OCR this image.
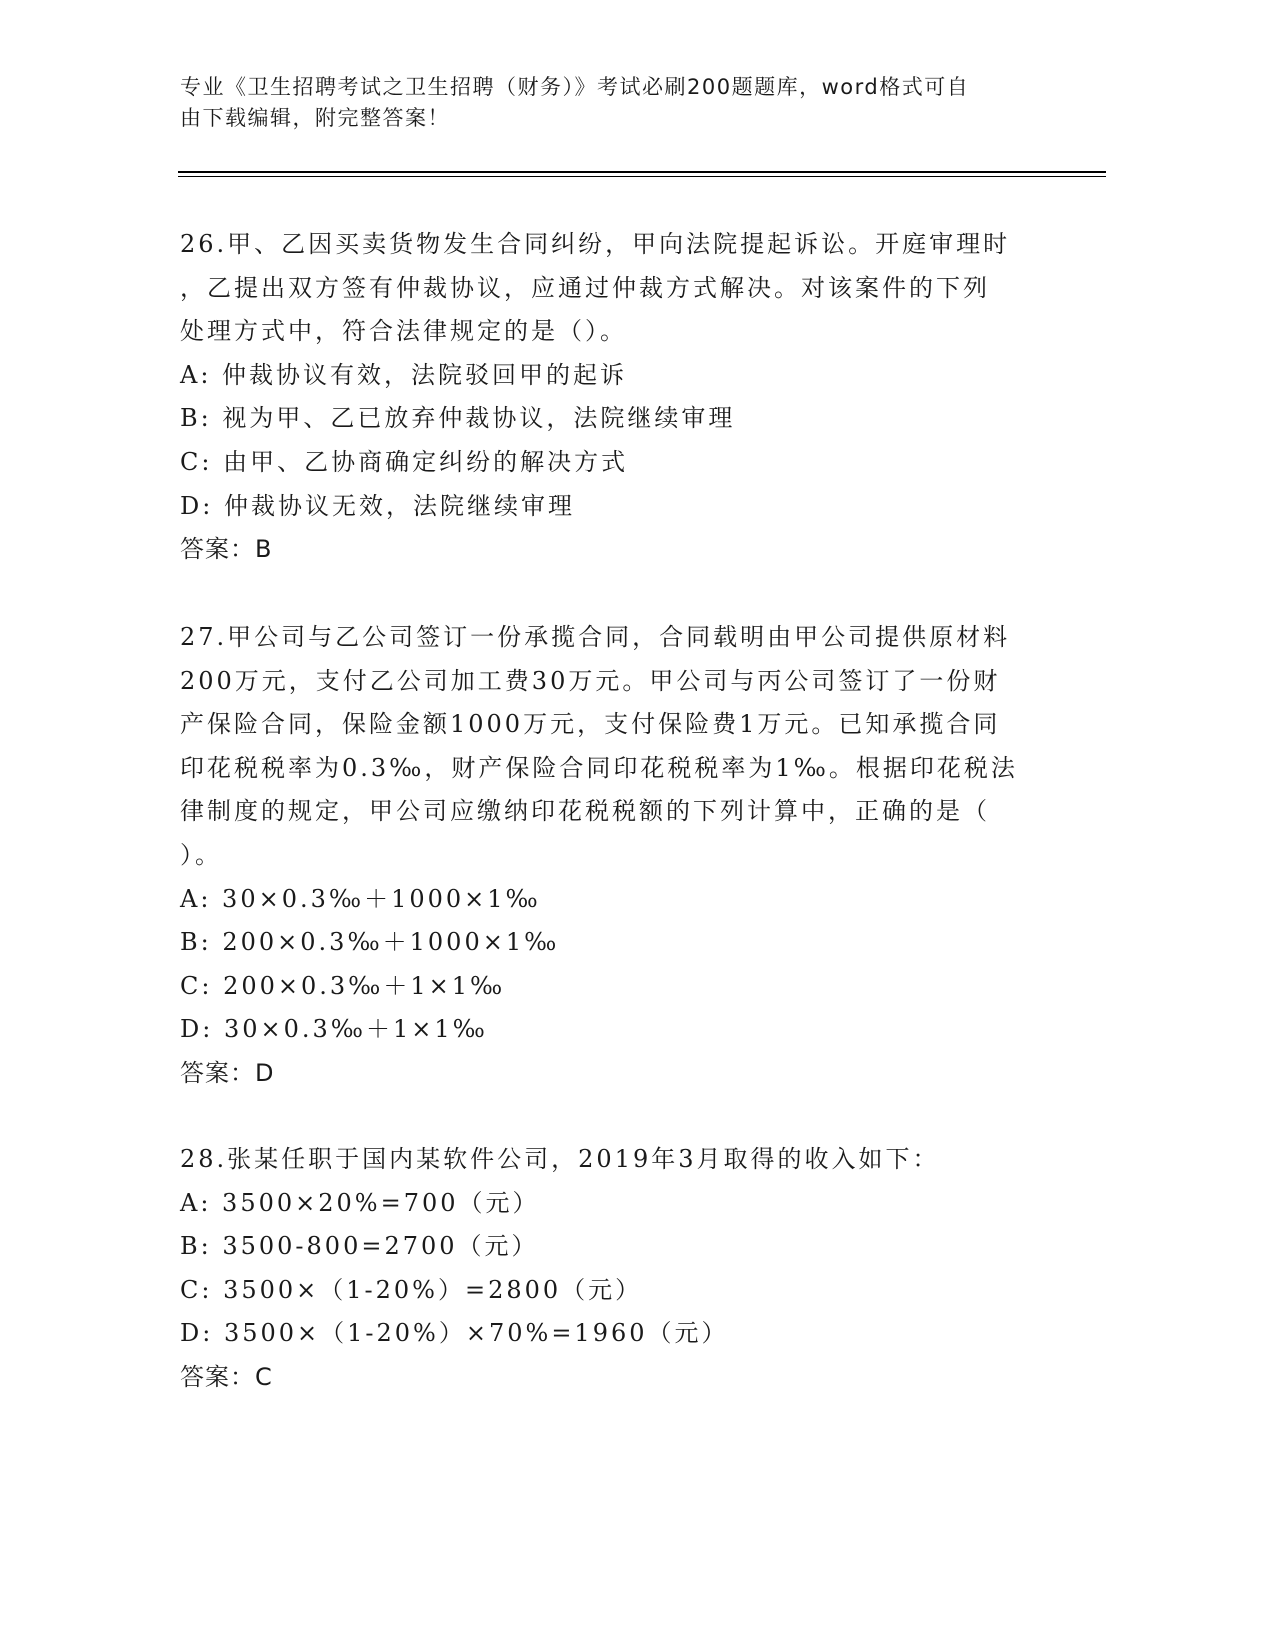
专业《卫生招聘考试之卫生招聘（财务）》考试必刷200题题库，word格式可自
由下载编辑，附完整答案！
26.甲、乙因买卖货物发生合同纠纷，甲向法院提起诉讼。开庭审理时
，乙提出双方签有仲裁协议，应通过仲裁方式解决。对该案件的下列
处理方式中，符合法律规定的是（）。
A: 仲裁协议有效，法院驳回甲的起诉
B: 视为甲、乙已放弃仲裁协议，法院继续审理
C: 由甲、乙协商确定纠纷的解决方式
D: 仲裁协议无效，法院继续审理
答案：B
27.甲公司与乙公司签订一份承揽合同，合同载明由甲公司提供原材料
200万元，支付乙公司加工费30万元。甲公司与丙公司签订了一份财
产保险合同，保险金额1000万元，支付保险费1万元。已知承揽合同
印花税税率为0.3‰，财产保险合同印花税税率为1‰。根据印花税法
律制度的规定，甲公司应缴纳印花税税额的下列计算中，正确的是（
）。
A: 30×0.3‰＋1000×1‰
B: 200×0.3‰＋1000×1‰
C: 200×0.3‰＋1×1‰
D: 30×0.3‰＋1×1‰
答案：D
28.张某任职于国内某软件公司，2019年3月取得的收入如下：
A: 3500×20%=700（元）
B: 3500-800=2700（元）
C: 3500×（1-20%）=2800（元）
D: 3500×（1-20%）×70%=1960（元）
答案：C
